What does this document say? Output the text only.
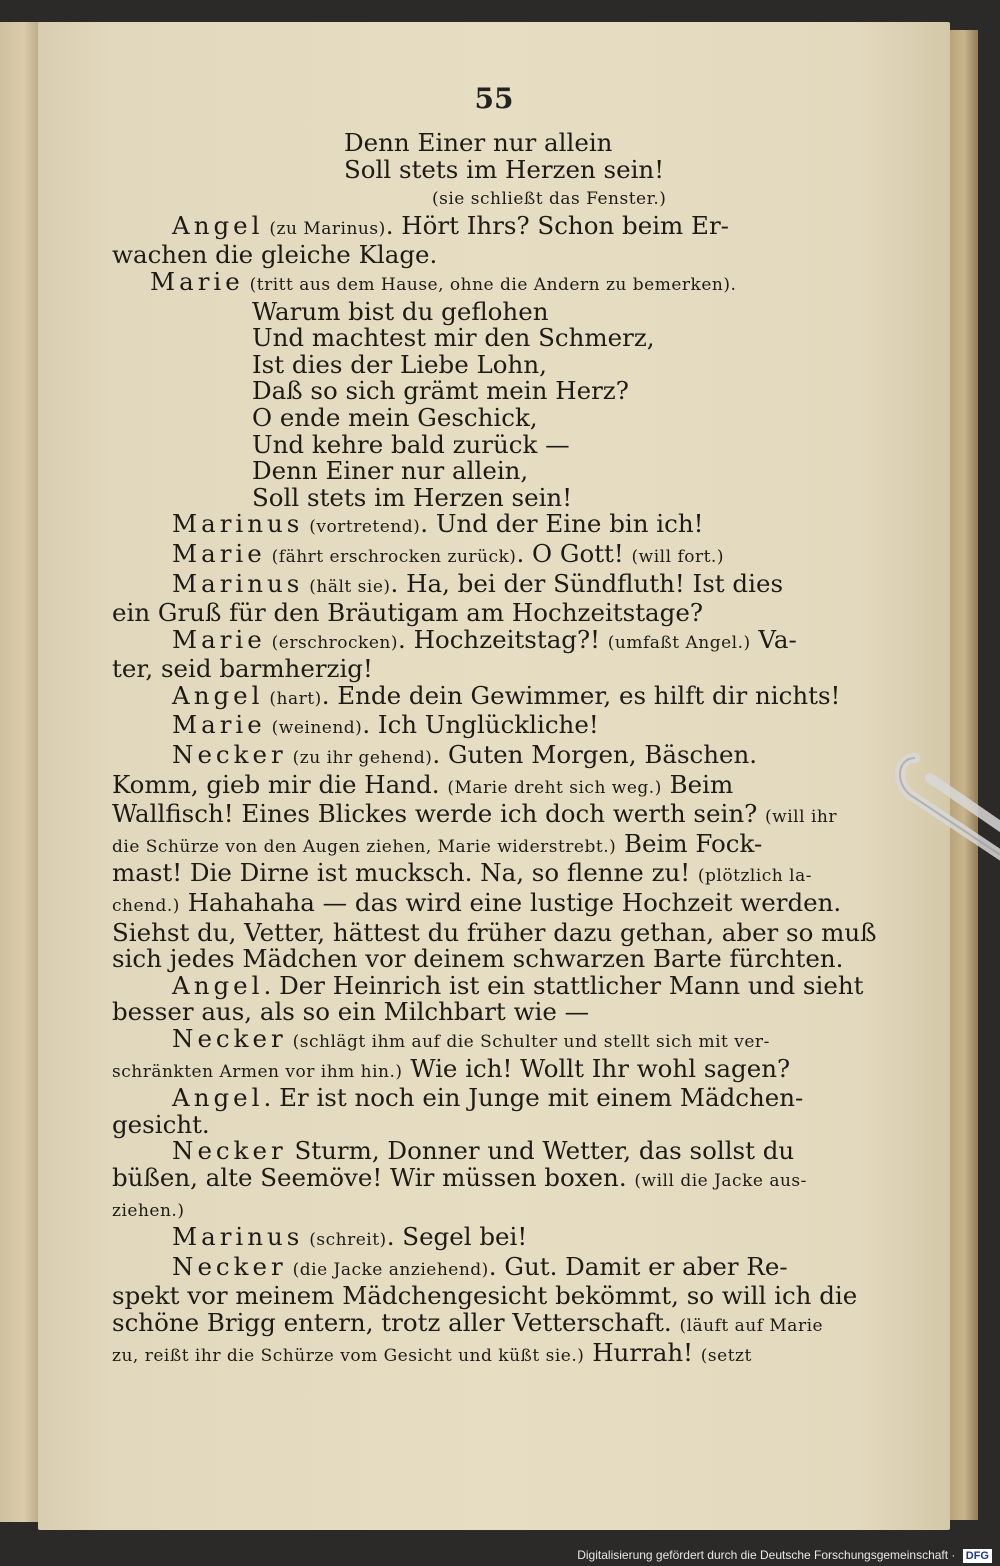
55
Denn Einer nur allein
Soll stets im Herzen sein!
(sie schließt das Fenster.)
Angel (zu Marinus). Hört Ihrs? Schon beim Er-
wachen die gleiche Klage.
Marie (tritt aus dem Hause, ohne die Andern zu bemerken).
Warum bist du geflohen
Und machtest mir den Schmerz,
Ist dies der Liebe Lohn,
Daß so sich grämt mein Herz?
O ende mein Geschick,
Und kehre bald zurück —
Denn Einer nur allein,
Soll stets im Herzen sein!
Marinus (vortretend). Und der Eine bin ich!
Marie (fährt erschrocken zurück). O Gott! (will fort.)
Marinus (hält sie). Ha, bei der Sündfluth! Ist dies
ein Gruß für den Bräutigam am Hochzeitstage?
Marie (erschrocken). Hochzeitstag?! (umfaßt Angel.) Va-
ter, seid barmherzig!
Angel (hart). Ende dein Gewimmer, es hilft dir nichts!
Marie (weinend). Ich Unglückliche!
Necker (zu ihr gehend). Guten Morgen, Bäschen.
Komm, gieb mir die Hand. (Marie dreht sich weg.) Beim
Wallfisch! Eines Blickes werde ich doch werth sein? (will ihr
die Schürze von den Augen ziehen, Marie widerstrebt.) Beim Fock-
mast! Die Dirne ist mucksch. Na, so flenne zu! (plötzlich la-
chend.) Hahahaha — das wird eine lustige Hochzeit werden.
Siehst du, Vetter, hättest du früher dazu gethan, aber so muß
sich jedes Mädchen vor deinem schwarzen Barte fürchten.
Angel. Der Heinrich ist ein stattlicher Mann und sieht
besser aus, als so ein Milchbart wie —
Necker (schlägt ihm auf die Schulter und stellt sich mit ver-
schränkten Armen vor ihm hin.) Wie ich! Wollt Ihr wohl sagen?
Angel. Er ist noch ein Junge mit einem Mädchen-
gesicht.
Necker Sturm, Donner und Wetter, das sollst du
büßen, alte Seemöve! Wir müssen boxen. (will die Jacke aus-
ziehen.)
Marinus (schreit). Segel bei!
Necker (die Jacke anziehend). Gut. Damit er aber Re-
spekt vor meinem Mädchengesicht bekömmt, so will ich die
schöne Brigg entern, trotz aller Vetterschaft. (läuft auf Marie
zu, reißt ihr die Schürze vom Gesicht und küßt sie.) Hurrah! (setzt
Digitalisierung gefördert durch die Deutsche Forschungsgemeinschaft · DFG
